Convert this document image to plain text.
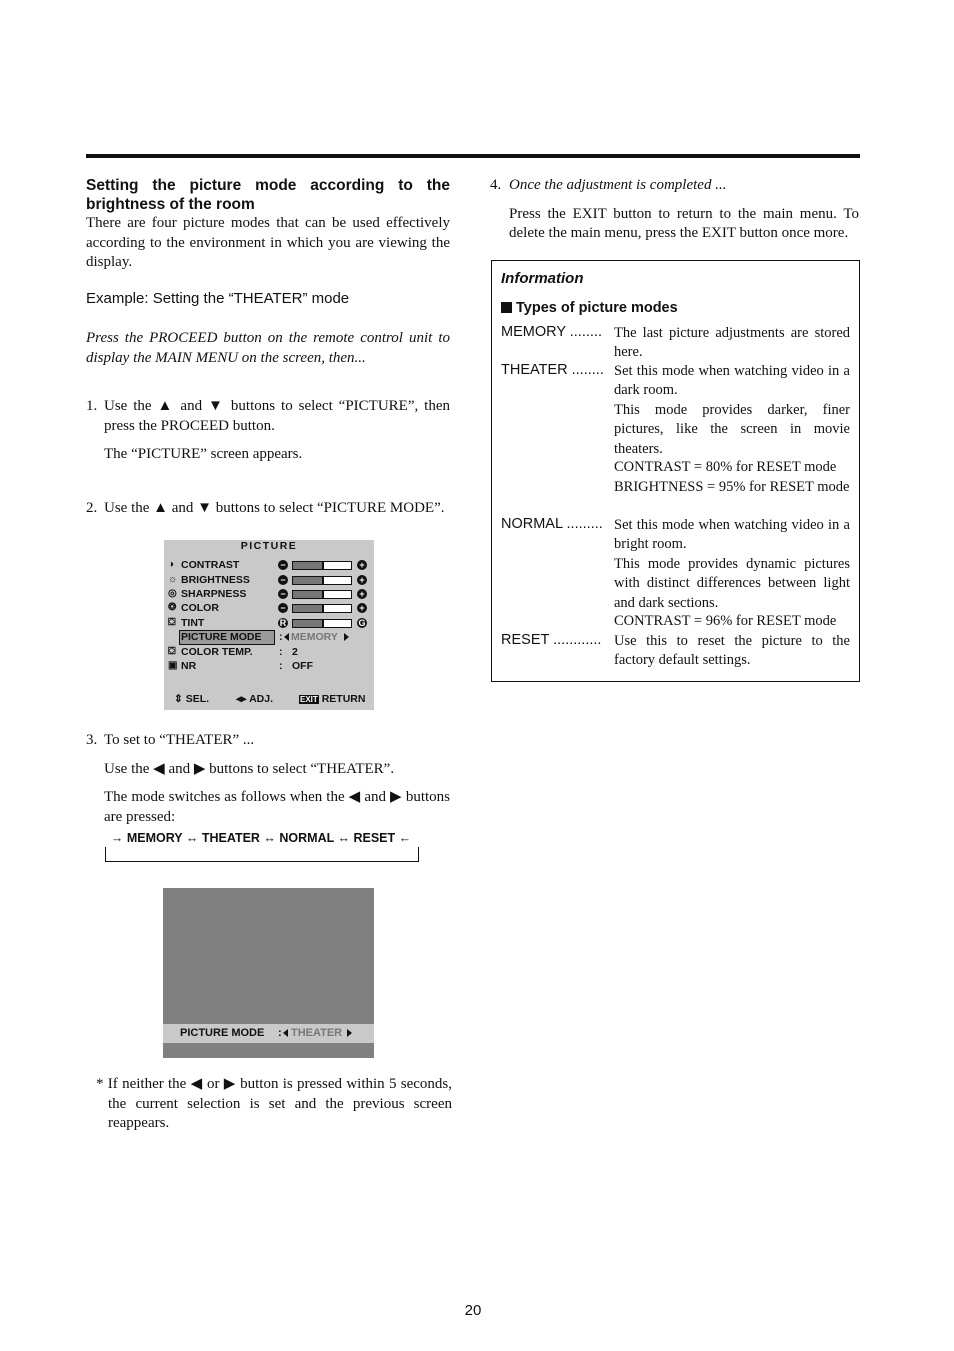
Setting the picture mode according to the brightness of the room
There are four picture modes that can be used effectively according to the environment in which you are viewing the display.
Example: Setting the “THEATER” mode
Press the PROCEED button on the remote control unit to display the MAIN MENU on the screen, then...
1. Use the ▲ and ▼ buttons to select “PICTURE”, then press the PROCEED button.
The “PICTURE” screen appears.
2. Use the ▲ and ▼ buttons to select “PICTURE MODE”.
PICTURE
◑ CONTRAST	−	+
☼ BRIGHTNESS	−	+
◎ SHARPNESS	−	+
❂ COLOR	−	+
⛋ TINT	R	G
PICTURE MODE : MEMORY
⛋ COLOR TEMP.	: 2
▣ NR	: OFF
⇕ SEL.	◂▸ ADJ.	EXIT RETURN
3. To set to “THEATER” ...
Use the ◀ and ▶ buttons to select “THEATER”.
The mode switches as follows when the ◀ and ▶ buttons are pressed:
→ MEMORY ↔ THEATER ↔ NORMAL ↔ RESET ←
PICTURE MODE : THEATER
* If neither the ◀ or ▶ button is pressed within 5 seconds, the current selection is set and the previous screen reappears.
4. Once the adjustment is completed ...
Press the EXIT button to return to the main menu. To delete the main menu, press the EXIT button once more.
Information
Types of picture modes
MEMORY ........ The last picture adjustments are stored here.
THEATER ........ Set this mode when watching video in a dark room.
This mode provides darker, finer pictures, like the screen in movie theaters.
CONTRAST = 80% for RESET mode
BRIGHTNESS = 95% for RESET mode
NORMAL ......... Set this mode when watching video in a bright room.
This mode provides dynamic pictures with distinct differences between light and dark sections.
CONTRAST = 96% for RESET mode
RESET ............ Use this to reset the picture to the factory default settings.
20
